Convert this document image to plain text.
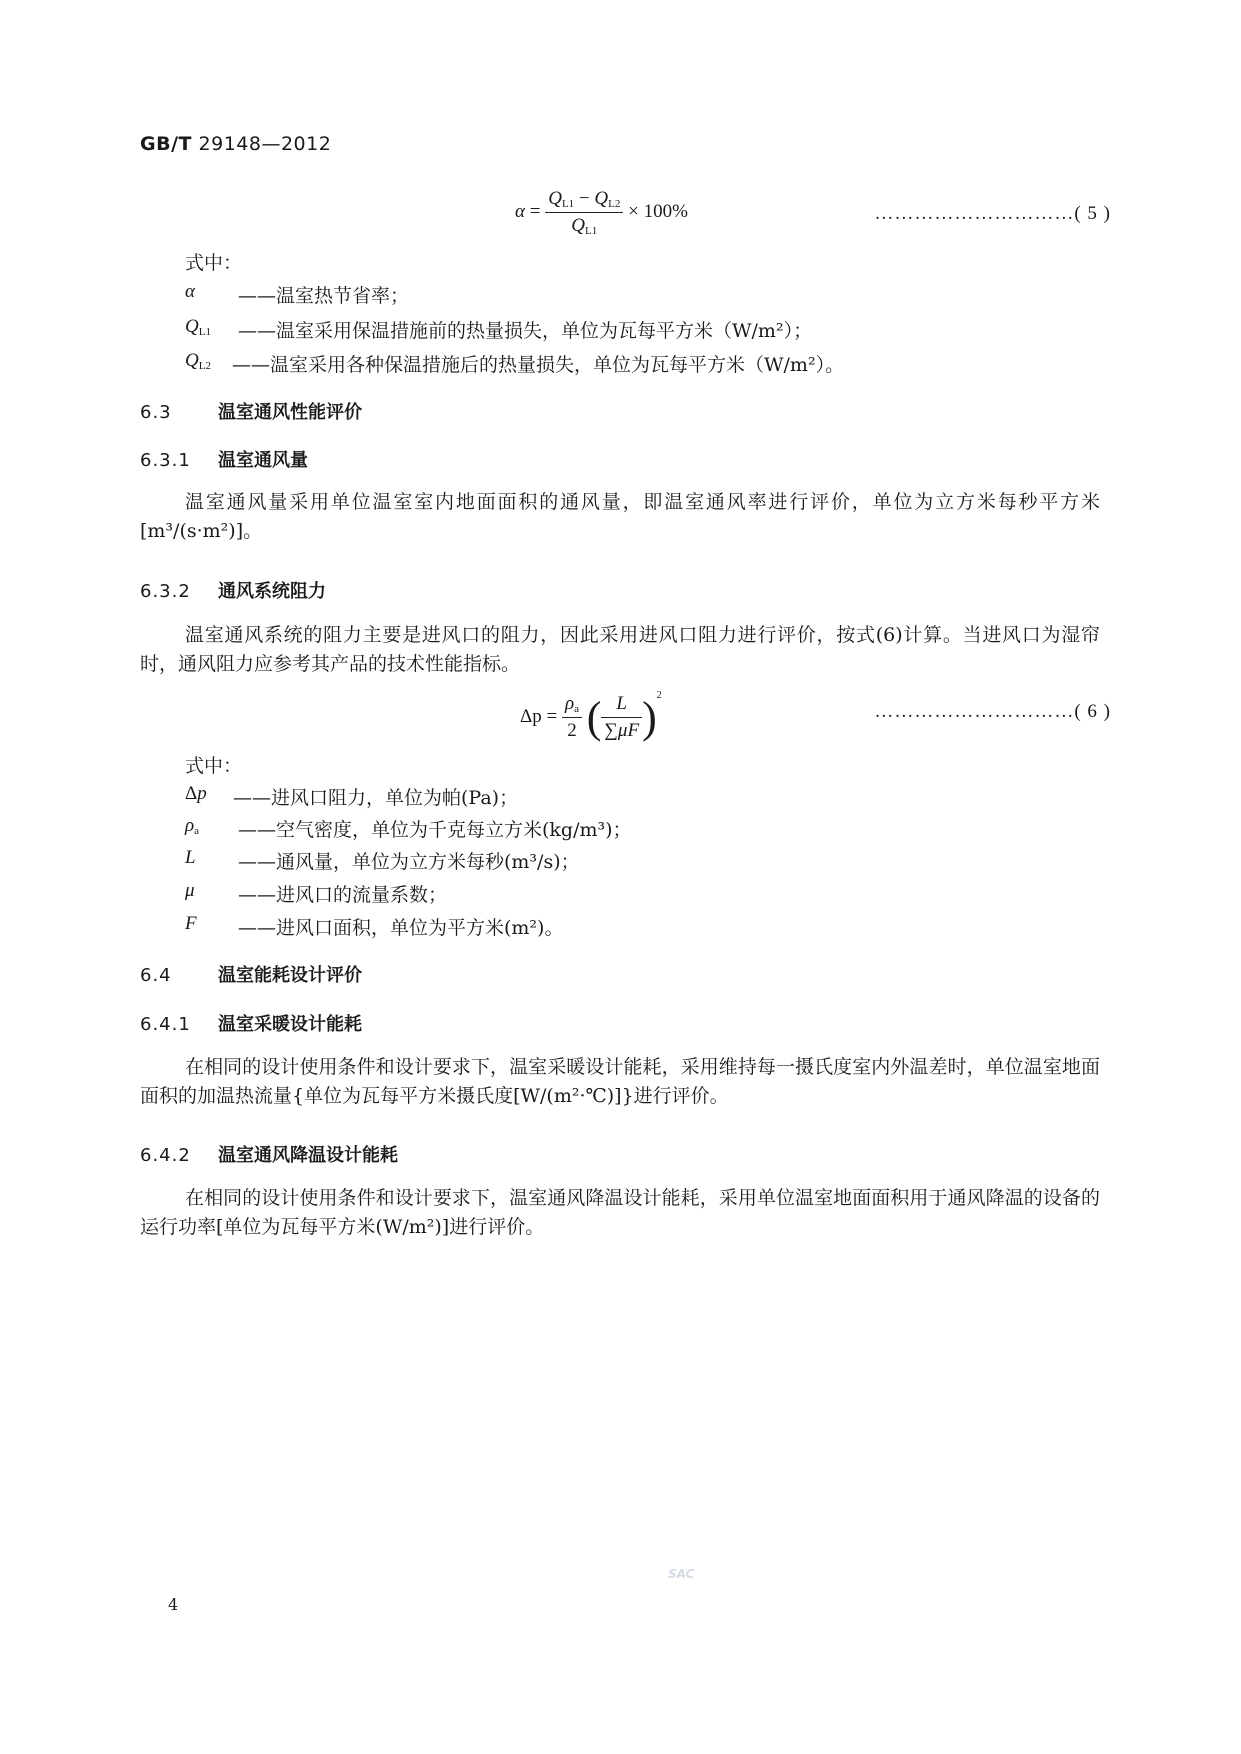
GB/T 29148—2012
$\alpha = \frac{Q_{L1} - Q_{L2}}{Q_{L1}} \times 100\%$	…………………………( 5 )
式中：
α ——温室热节省率；
$Q_{L1}$ ——温室采用保温措施前的热量损失，单位为瓦每平方米（W/m²）；
$Q_{L2}$ ——温室采用各种保温措施后的热量损失，单位为瓦每平方米（W/m²）。
6.3	温室通风性能评价
6.3.1 温室通风量
温室通风量采用单位温室室内地面面积的通风量，即温室通风率进行评价，单位为立方米每秒平方米[m³/(s·m²)]。
6.3.2 通风系统阻力
温室通风系统的阻力主要是进风口的阻力，因此采用进风口阻力进行评价，按式(6)计算。当进风口为湿帘时，通风阻力应参考其产品的技术性能指标。
$\Delta p = \frac{\rho_a}{2}$ ( $\frac{L}{\sum\mu F} )^2$
…………………………( 6 )
式中：
Δp ——进风口阻力，单位为帕(Pa)；
$\rho_a$ ——空气密度，单位为千克每立方米(kg/m³)；
L ——通风量，单位为立方米每秒(m³/s)；
μ ——进风口的流量系数；
F ——进风口面积，单位为平方米(m²)。
6.4	温室能耗设计评价
6.4.1 温室采暖设计能耗
在相同的设计使用条件和设计要求下，温室采暖设计能耗，采用维持每一摄氏度室内外温差时，单位温室地面面积的加温热流量{单位为瓦每平方米摄氏度[W/(m²·℃)]}进行评价。
6.4.2 温室通风降温设计能耗
在相同的设计使用条件和设计要求下，温室通风降温设计能耗，采用单位温室地面面积用于通风降温的设备的运行功率[单位为瓦每平方米(W/m²)]进行评价。
SAC
4
